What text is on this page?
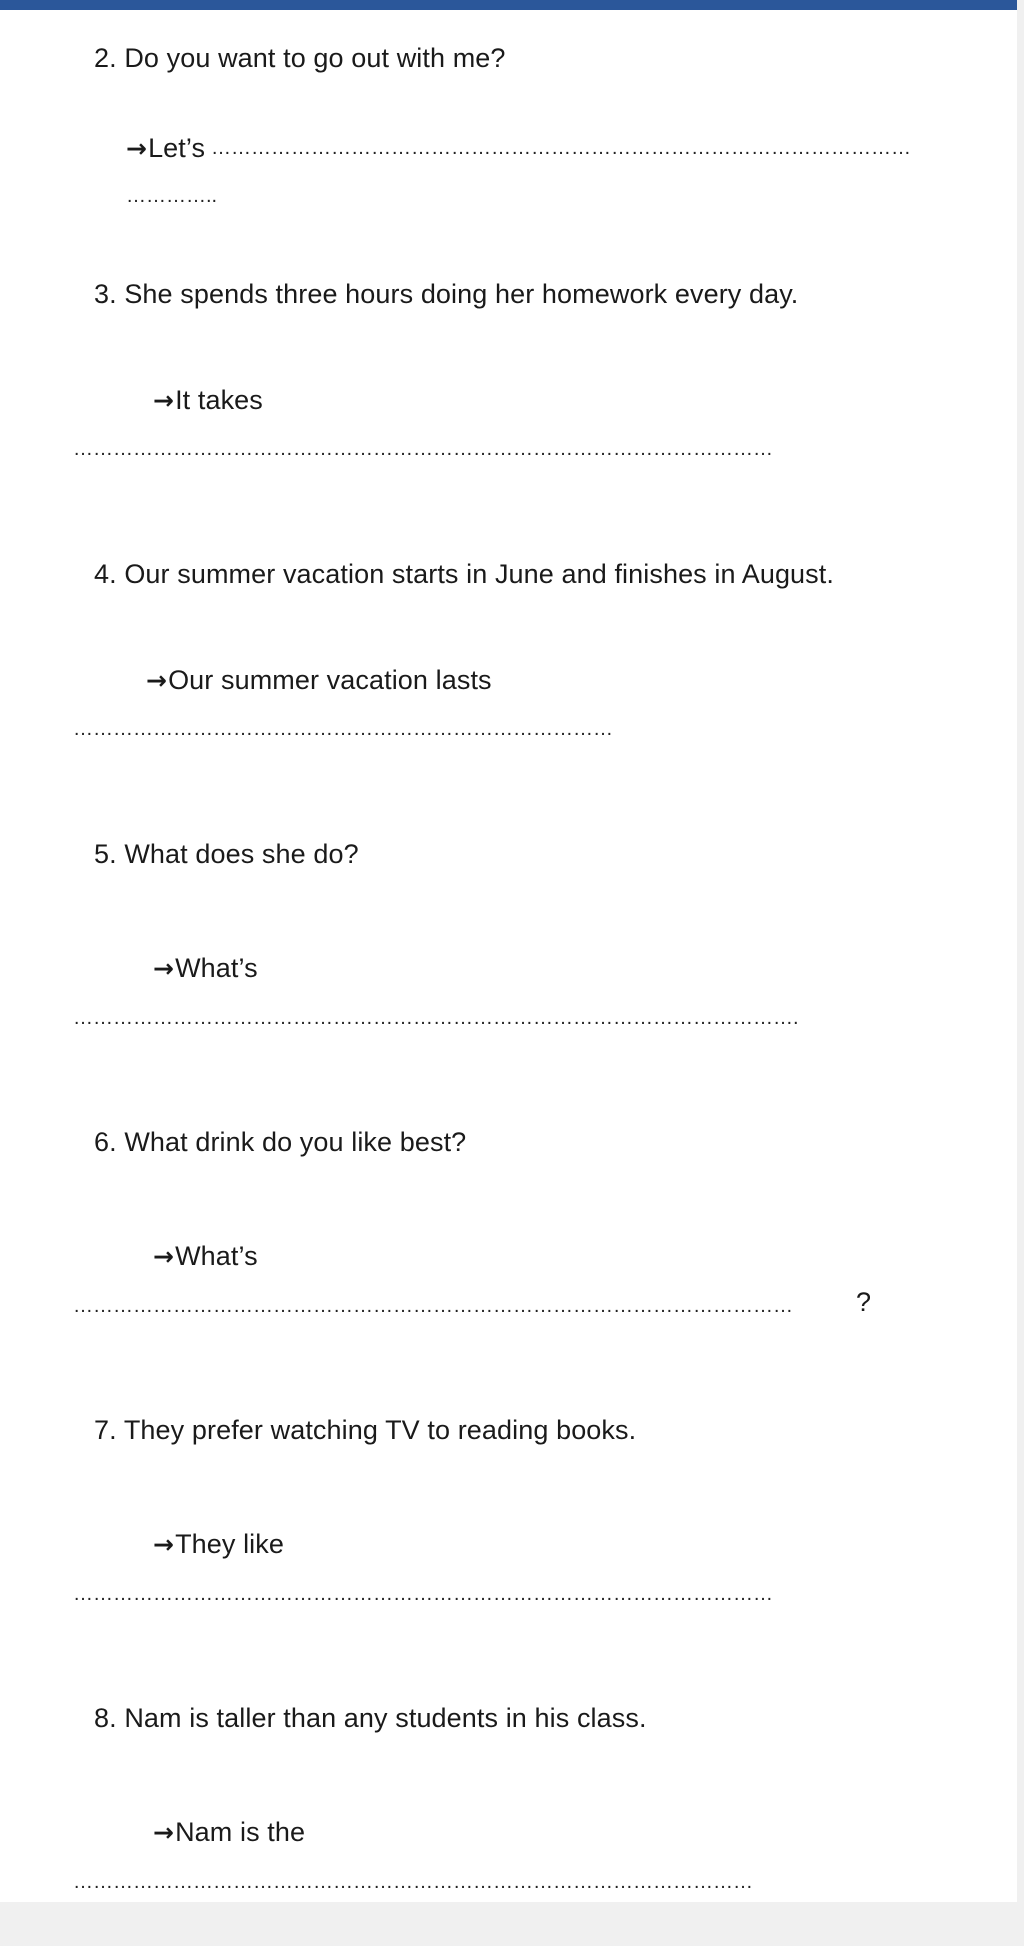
2. Do you want to go out with me?
→Let’s ……………………………………………………………………………………………
…………..
3. She spends three hours doing her homework every day.
→It takes
……………………………………………………………………………………………
4. Our summer vacation starts in June and finishes in August.
→Our summer vacation lasts
………………………………………………………………………
5. What does she do?
→What’s
……………………………………………………………………………………………….
6. What drink do you like best?
→What’s
………………………………………………………………………………………………	?
7. They prefer watching TV to reading books.
→They like
……………………………………………………………………………………………
8. Nam is taller than any students in his class.
→Nam is the
…………………………………………………………………………………………
